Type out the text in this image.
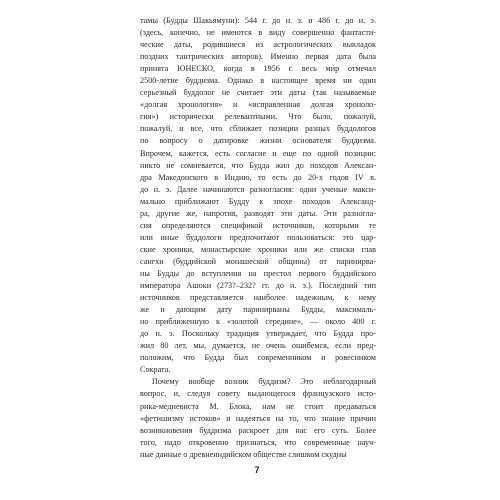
тамы (Будды Шакьямуни): 544 г. до н. э. и 486 г. до н. э.
(здесь, конечно, не имеются в виду совершенно фантасти-
ческие даты, родившиеся из астрологических выкладок
поздних тантрических авторов). Именно первая дата была
принята ЮНЕСКО, когда в 1956 г. весь мир отмечал
2500-летие буддизма. Однако в настоящее время ни один
серьезный буддолог не считает эти даты (так называемые
«долгая хронология» и «исправленная долгая хроноло-
гия») исторически релевантными. Что было, пожалуй,
пожалуй, и все, что сближает позиции разных буддологов
по вопросу о датировке жизни основателя буддизма.
Впрочем, кажется, есть согласие и еще по одной позиции:
никто не сомневается, что Будда жил до походов Алексан-
дра Македонского в Индию, то есть до 20-х годов IV в.
до н. э. Далее начинаются разногласия: одни ученые макси-
мально приближают Будду к эпохе походов Александ-
ра, другие же, напротив, разводят эти даты. Эти разногла-
сия определяются спецификой источников, которыми те
или иные буддологи предпочитают пользоваться: это цар-
ские хроники, монастырские хроники или же списки глав
сангхи (буддийской монашеской общины) от паринирва-
ны Будды до вступления на престол первого буддийского
императора Ашоки (273?–232? гг. до н. э.). Последний тип
источников представляется наиболее надежным, к нему
же и дающим дату паринирваны Будды, максималь-
но приближенную к «золотой середине», — около 400 г.
до н. э. Поскольку традиция утверждает, что Будда про-
жил 80 лет, мы, думается, не очень ошибемся, если пред-
положим, что Будда был современником и ровесником
Сократа.
Почему вообще возник буддизм? Это неблагодарный
вопрос, и, следуя совету выдающегося французского исто-
рика-медиевиста М. Блока, нам не стоит предаваться
«фетишизму истоков» и надеяться на то, что знание причин
возникновения буддизма раскроет для нас его суть. Более
того, надо откровенно признаться, что современные науч-
ные данные о древнеиндийском обществе слишком скудны
7
